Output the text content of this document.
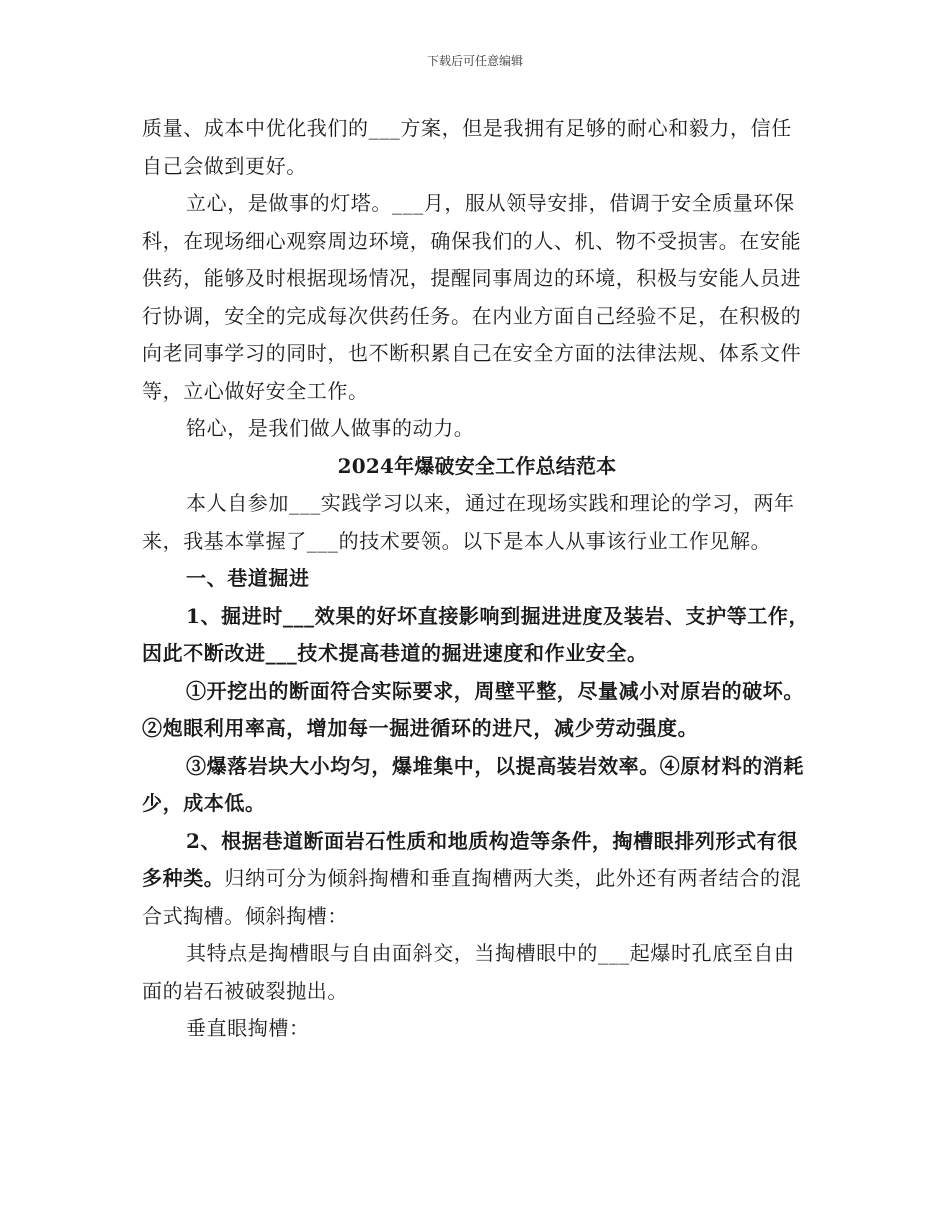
下载后可任意编辑

质量、成本中优化我们的___方案，但是我拥有足够的耐心和毅力，信任自己会做到更好。

立心，是做事的灯塔。___月，服从领导安排，借调于安全质量环保科，在现场细心观察周边环境，确保我们的人、机、物不受损害。在安能供药，能够及时根据现场情况，提醒同事周边的环境，积极与安能人员进行协调，安全的完成每次供药任务。在内业方面自己经验不足，在积极的向老同事学习的同时，也不断积累自己在安全方面的法律法规、体系文件等，立心做好安全工作。

铭心，是我们做人做事的动力。

2024年爆破安全工作总结范本

本人自参加___实践学习以来，通过在现场实践和理论的学习，两年来，我基本掌握了___的技术要领。以下是本人从事该行业工作见解。

一、巷道掘进

1、掘进时___效果的好坏直接影响到掘进进度及装岩、支护等工作，因此不断改进___技术提高巷道的掘进速度和作业安全。

①开挖出的断面符合实际要求，周壁平整，尽量减小对原岩的破坏。②炮眼利用率高，增加每一掘进循环的进尺，减少劳动强度。

③爆落岩块大小均匀，爆堆集中，以提高装岩效率。④原材料的消耗少，成本低。

2、根据巷道断面岩石性质和地质构造等条件，掏槽眼排列形式有很多种类。归纳可分为倾斜掏槽和垂直掏槽两大类，此外还有两者结合的混合式掏槽。倾斜掏槽：

其特点是掏槽眼与自由面斜交，当掏槽眼中的___起爆时孔底至自由面的岩石被破裂抛出。

垂直眼掏槽：
